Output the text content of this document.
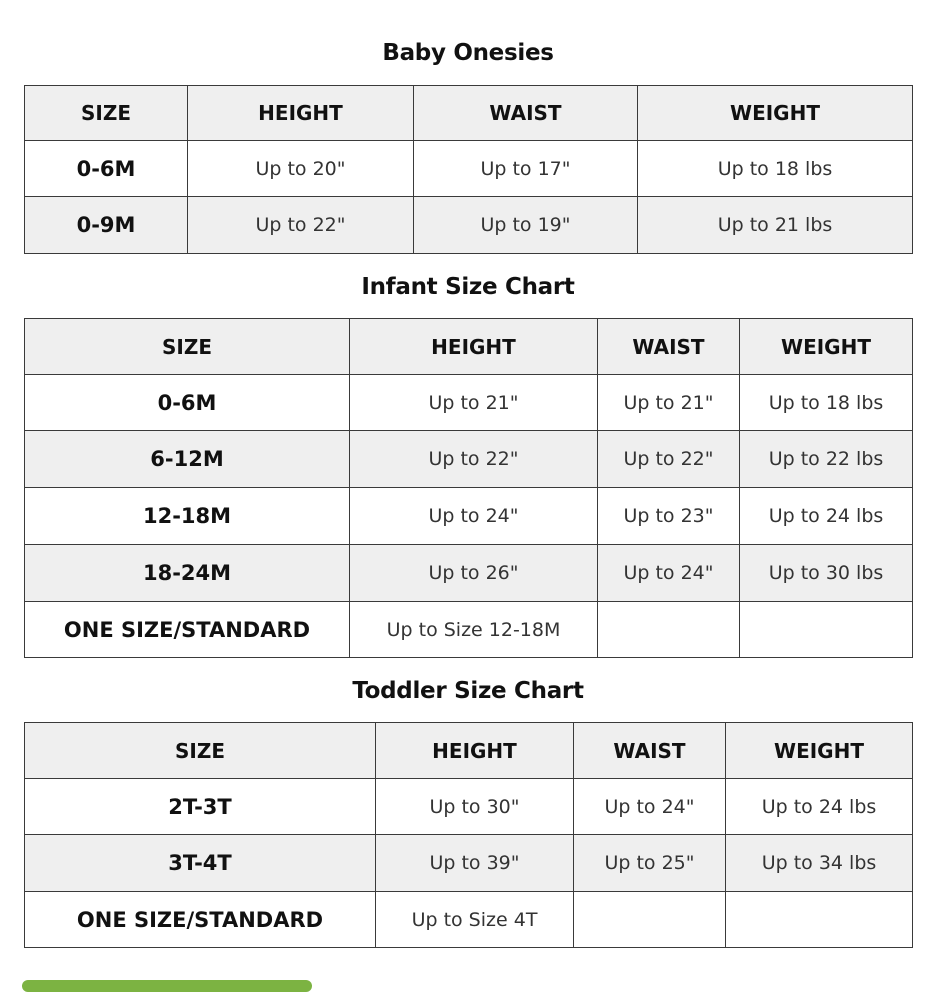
Baby Onesies
SIZE	HEIGHT	WAIST	WEIGHT
0-6M	Up to 20"	Up to 17"	Up to 18 lbs
0-9M	Up to 22"	Up to 19"	Up to 21 lbs
Infant Size Chart
SIZE	HEIGHT	WAIST	WEIGHT
0-6M	Up to 21"	Up to 21"	Up to 18 lbs
6-12M	Up to 22"	Up to 22"	Up to 22 lbs
12-18M	Up to 24"	Up to 23"	Up to 24 lbs
18-24M	Up to 26"	Up to 24"	Up to 30 lbs
ONE SIZE/STANDARD	Up to Size 12-18M		
Toddler Size Chart
SIZE	HEIGHT	WAIST	WEIGHT
2T-3T	Up to 30"	Up to 24"	Up to 24 lbs
3T-4T	Up to 39"	Up to 25"	Up to 34 lbs
ONE SIZE/STANDARD	Up to Size 4T		
